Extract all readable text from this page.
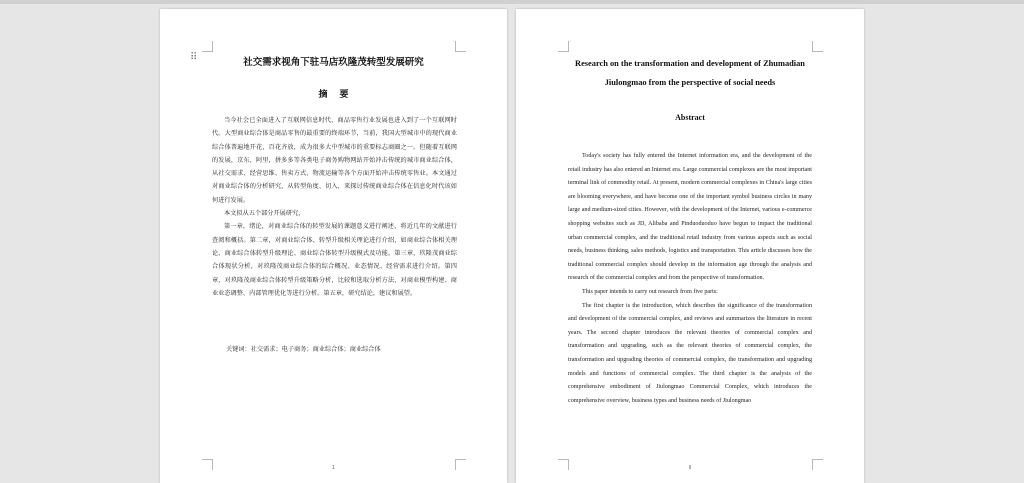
⠿	社交需求视角下驻马店玖隆茂转型发展研究
摘要

当今社会已全面进入了互联网信息时代，商品零售行业发展也进入到了一个互联网时代。大型商业综合体是商品零售的最重要的终端环节，当前，我国大型城市中的现代商业综合体普遍地开花，百花齐放，成为很多大中型城市的重要标志商圈之一。但随着互联网的发展，京东，阿里，拼多多等各类电子商务购物网站开始冲击传统的城市商业综合体，从社交需求、经营思维、售卖方式、物流运输等各个方面开始冲击传统零售业。本文通过对商业综合体的分析研究，从转型角度、切入，来探讨传统商业综合体在信息化时代该如何进行发展。

本文拟从五个部分开展研究，

第一章，绪论，对商业综合体的转型发展的课题意义进行阐述，将近几年的文献进行查阅和概括。第二章，对商业综合体、转型升级相关理论进行介绍，如商业综合体相关理论、商业综合体转型升级理论、商业综合体转型升级模式及功能。第三章，玖隆茂商业综合体现状分析，对玖隆茂商业综合体的综合概况、业态情况、经营需求进行介绍。第四章，对玖隆茂商业综合体转型升级策略分析，比较和选取分析方法，对商业模型构建、商业业态调整、内部管理优化等进行分析。第五章，研究结论，建议和展望。

关键词：社交需求；电子商务；商业综合体；商业综合体
1
Research on the transformation and development of Zhumadian Jiulongmao from the perspective of social needs
Abstract

Today's society has fully entered the Internet information era, and the development of the retail industry has also entered an Internet era. Large commercial complexes are the most important terminal link of commodity retail. At present, modern commercial complexes in China's large cities are blooming everywhere, and have become one of the important symbol business circles in many large and medium-sized cities. However, with the development of the Internet, various e-commerce shopping websites such as JD, Alibaba and Pinduoduoduo have begun to impact the traditional urban commercial complex, and the traditional retail industry from various aspects such as social needs, business thinking, sales methods, logistics and transportation. This article discusses how the traditional commercial complex should develop in the information age through the analysis and research of the commercial complex and from the perspective of transformation.

This paper intends to carry out research from five parts:

The first chapter is the introduction, which describes the significance of the transformation and development of the commercial complex, and reviews and summarizes the literature in recent years. The second chapter introduces the relevant theories of commercial complex and transformation and upgrading, such as the relevant theories of commercial complex, the transformation and upgrading theories of commercial complex, the transformation and upgrading models and functions of commercial complex. The third chapter is the analysis of the comprehensive embodiment of Jiulongmao Commercial Complex, which introduces the comprehensive overview, business types and business needs of Jiulongmao

II
